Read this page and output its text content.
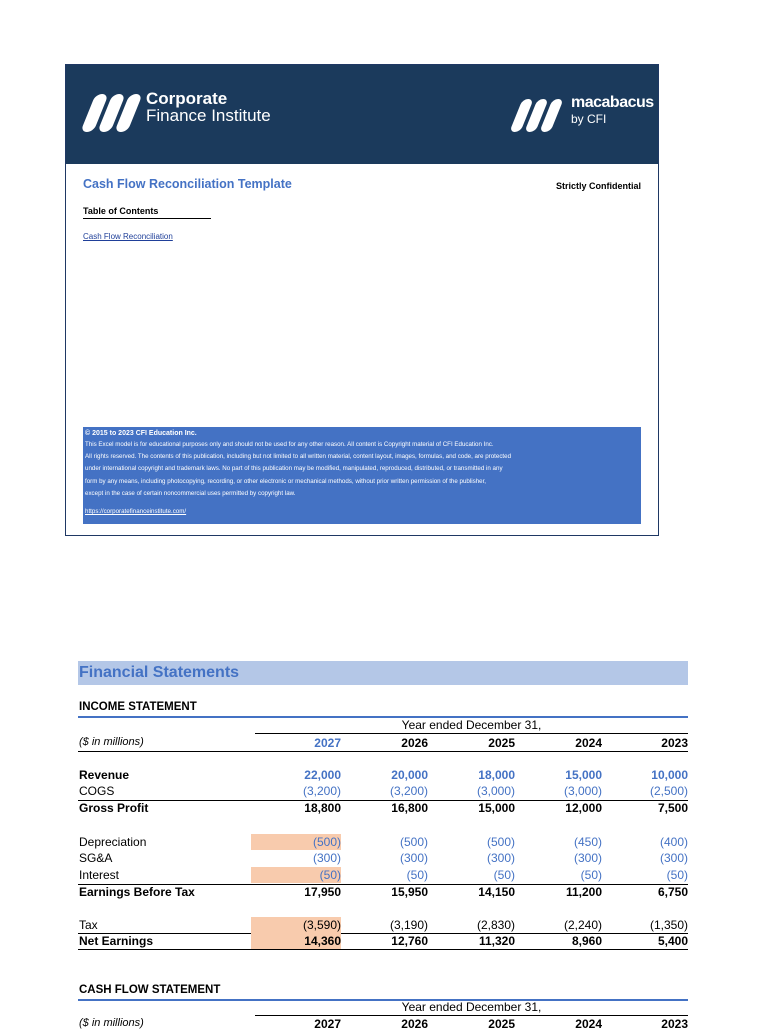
Corporate
Finance Institute
macabacus
by CFI
Cash Flow Reconciliation Template	Strictly Confidential
Table of Contents
Cash Flow Reconciliation
© 2015 to 2023 CFI Education Inc.
This Excel model is for educational purposes only and should not be used for any other reason. All content is Copyright material of CFI Education Inc.
All rights reserved. The contents of this publication, including but not limited to all written material, content layout, images, formulas, and code, are protected
under international copyright and trademark laws. No part of this publication may be modified, manipulated, reproduced, distributed, or transmitted in any
form by any means, including photocopying, recording, or other electronic or mechanical methods, without prior written permission of the publisher,
except in the case of certain noncommercial uses permitted by copyright law.
https://corporatefinanceinstitute.com/
Financial Statements
INCOME STATEMENT
Year ended December 31,
($ in millions)	2027	2026	2025	2024	2023
Revenue	22,000	20,000	18,000	15,000	10,000
COGS	(3,200)	(3,200)	(3,000)	(3,000)	(2,500)
Gross Profit	18,800	16,800	15,000	12,000	7,500
Depreciation	(500)	(500)	(500)	(450)	(400)
SG&A	(300)	(300)	(300)	(300)	(300)
Interest	(50)	(50)	(50)	(50)	(50)
Earnings Before Tax	17,950	15,950	14,150	11,200	6,750
Tax	(3,590)	(3,190)	(2,830)	(2,240)	(1,350)
Net Earnings	14,360	12,760	11,320	8,960	5,400
CASH FLOW STATEMENT
Year ended December 31,
($ in millions)	2027	2026	2025	2024	2023
